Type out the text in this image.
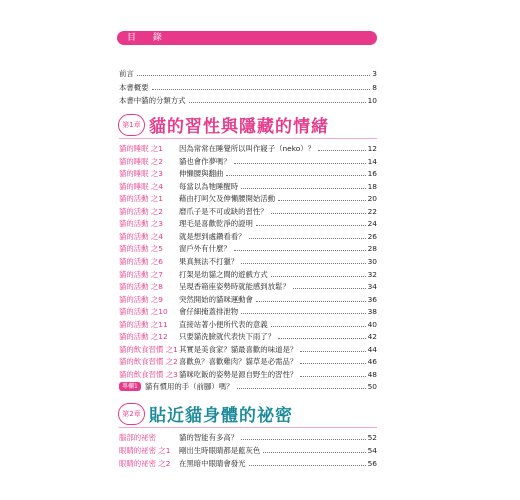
目 錄
前言	3
本書概要	8
本書中貓的分類方式	10
第1章 貓的習性與隱藏的情緒
貓的睡眠 之1	因為常常在睡覺所以叫作寢子（neko）？	12
貓的睡眠 之2	貓也會作夢嗎？	14
貓的睡眠 之3	伸懶腰與翻曲	16
貓的睡眠 之4	每當以為牠睡醒時	18
貓的活動 之1	藉由打呵欠及伸懶腰開始活動	20
貓的活動 之2	磨爪子是不可或缺的習性？	22
貓的活動 之3	理毛是喜歡乾淨的證明	24
貓的活動 之4	就是想到處鑽看看？	26
貓的活動 之5	窗戶外有什麼？	28
貓的活動 之6	果真無法不打獵？	30
貓的活動 之7	打架是幼貓之間的遊戲方式	32
貓的活動 之8	呈現香箱座姿勢時就能感到放鬆？	34
貓的活動 之9	突然開始的貓咪運動會	36
貓的活動 之10	會仔細掩蓋排泄物	38
貓的活動 之11	直接站著小便所代表的意義	40
貓的活動 之12	只要貓洗臉就代表快下雨了？	42
貓的飲食習慣 之1 其實是美食家？貓最喜歡的味道是？	44
貓的飲食習慣 之2 喜歡魚？喜歡雞肉？貓草是必需品？	46
貓的飲食習慣 之3 貓咪吃飯的姿勢是源自野生的習性？	48
專欄1 貓有慣用的手（前腳）嗎？	50
第2章 貼近貓身體的祕密
腦部的祕密	貓的智能有多高？	52
眼睛的祕密 之1	剛出生時眼睛都是藍灰色	54
眼睛的祕密 之2	在黑暗中眼睛會發光	56
